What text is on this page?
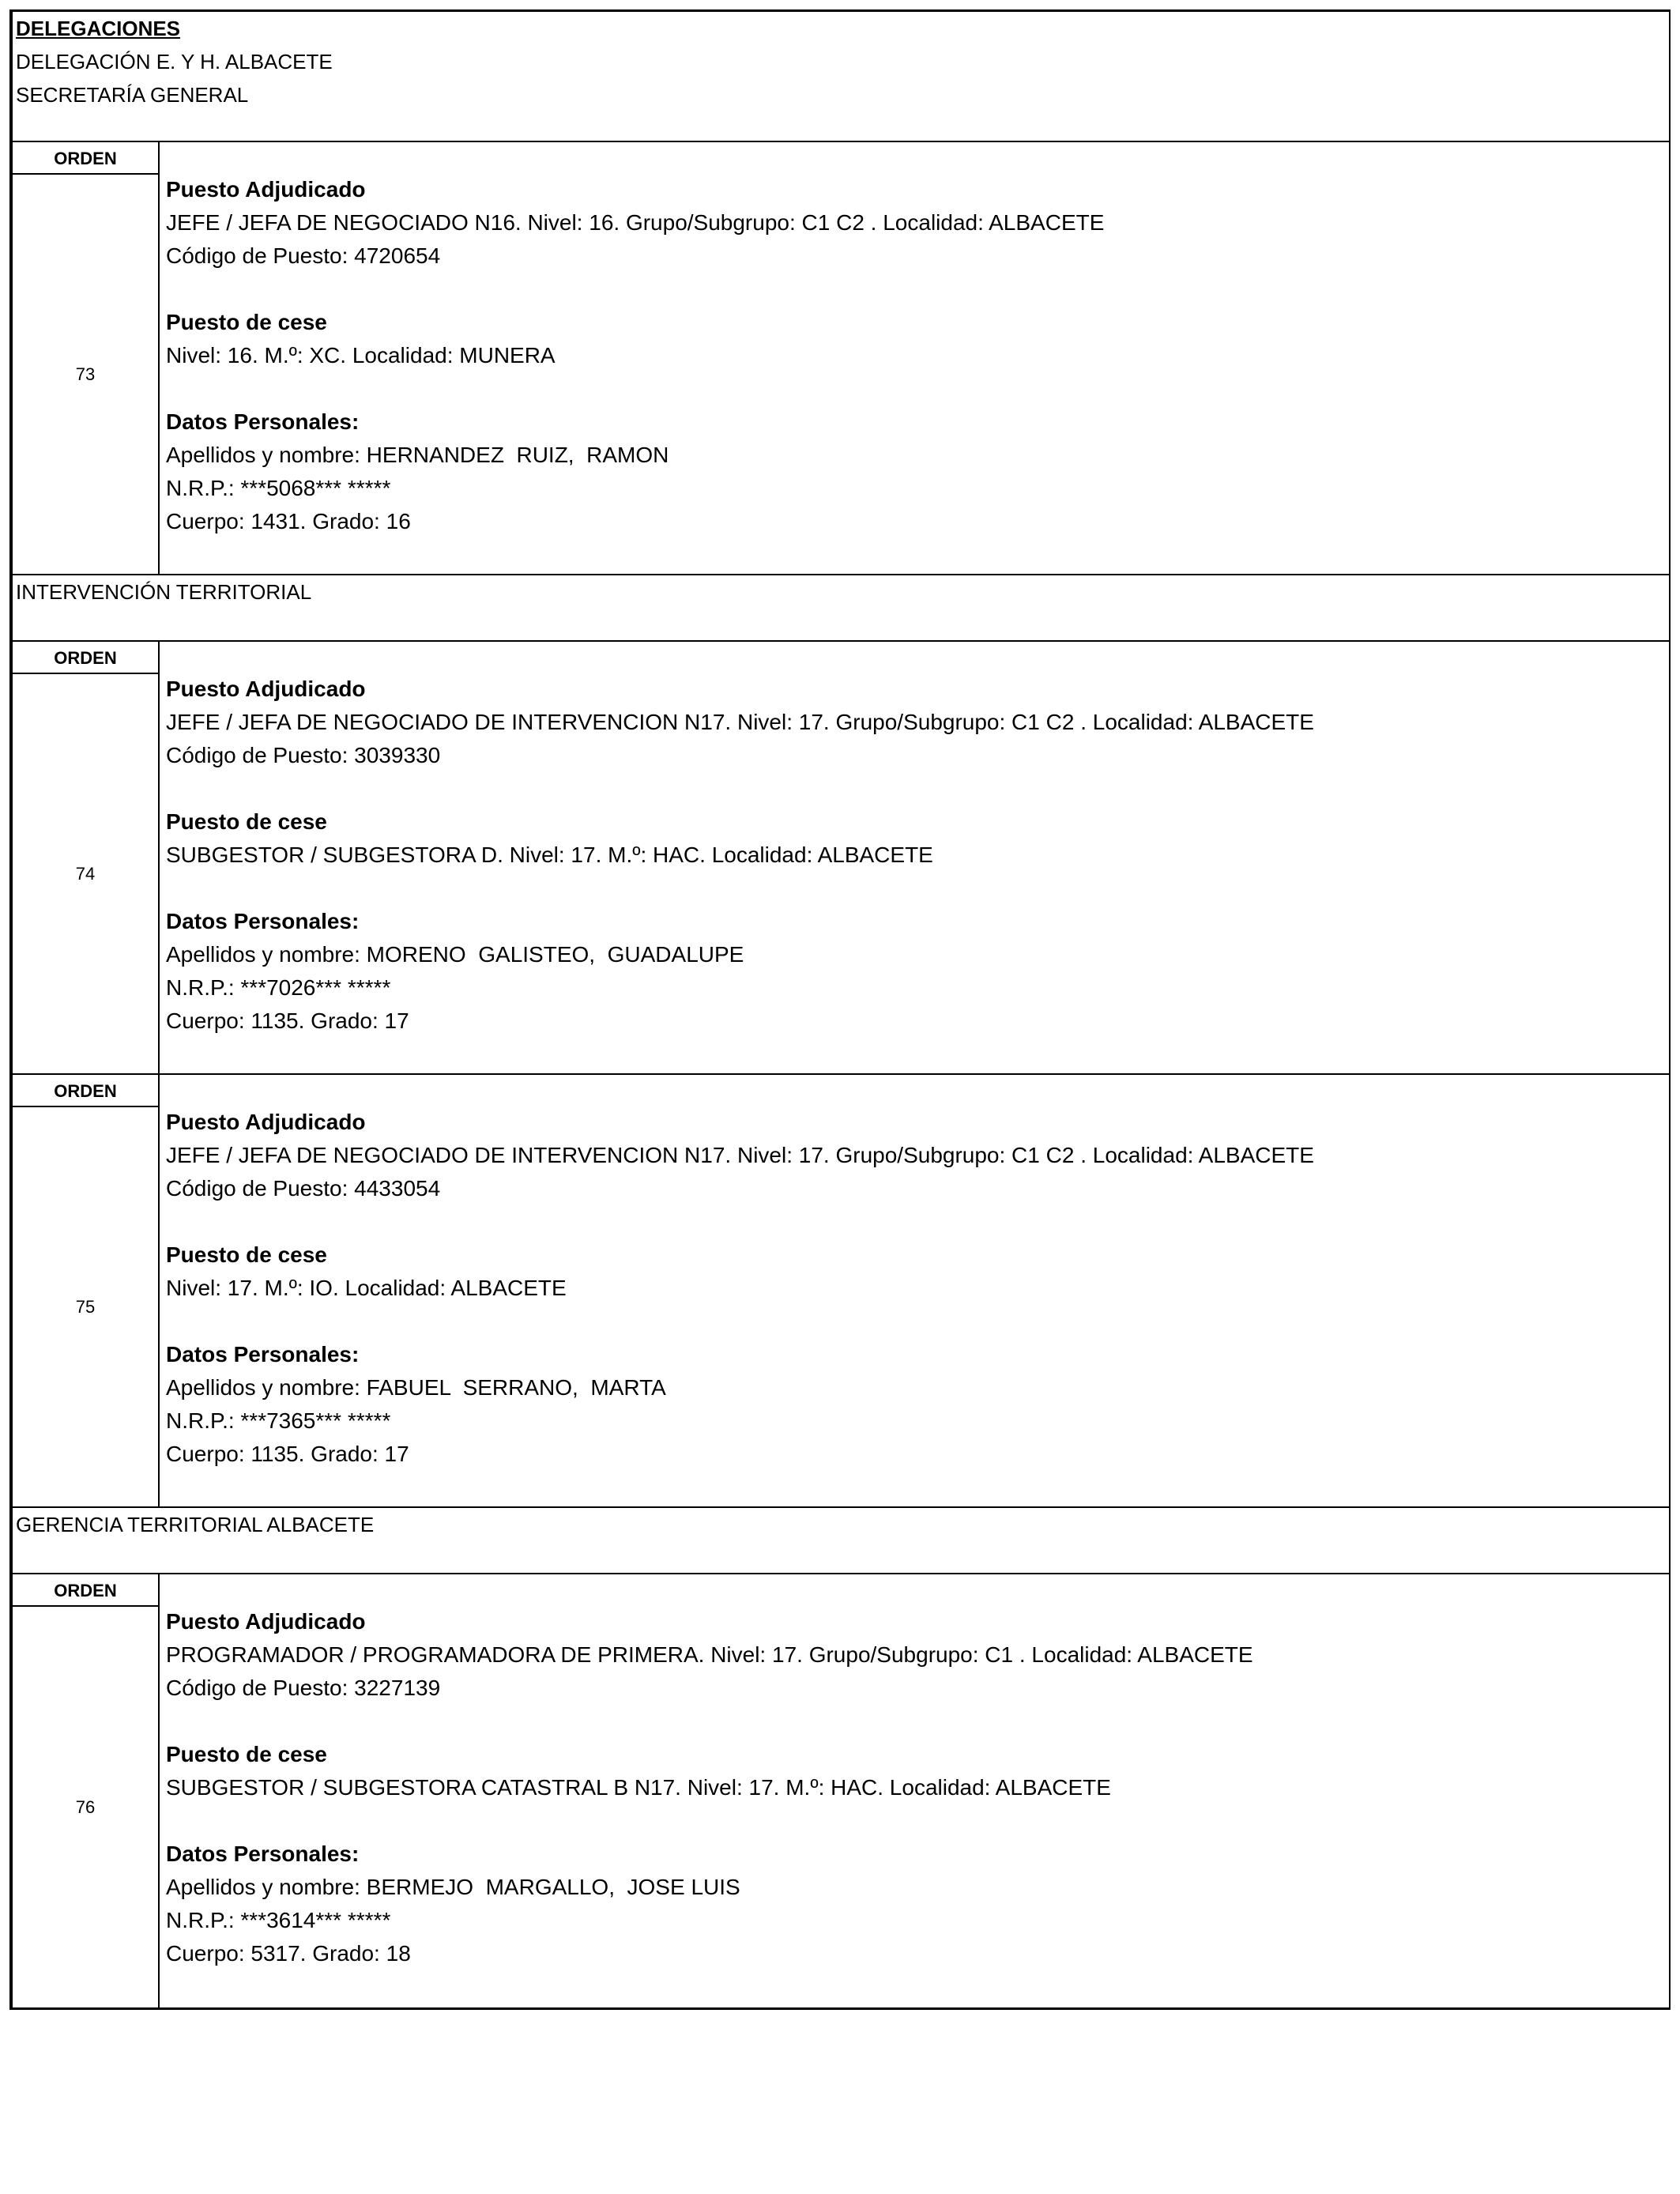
DELEGACIONES
DELEGACIÓN E. Y H. ALBACETE
SECRETARÍA GENERAL
ORDEN
73
Puesto Adjudicado
JEFE / JEFA DE NEGOCIADO N16. Nivel: 16. Grupo/Subgrupo: C1 C2 . Localidad: ALBACETE
Código de Puesto: 4720654
Puesto de cese
Nivel: 16. M.º: XC. Localidad: MUNERA
Datos Personales:
Apellidos y nombre: HERNANDEZ  RUIZ,  RAMON
N.R.P.: ***5068*** *****
Cuerpo: 1431. Grado: 16
INTERVENCIÓN TERRITORIAL
ORDEN
74
Puesto Adjudicado
JEFE / JEFA DE NEGOCIADO DE INTERVENCION N17. Nivel: 17. Grupo/Subgrupo: C1 C2 . Localidad: ALBACETE
Código de Puesto: 3039330
Puesto de cese
SUBGESTOR / SUBGESTORA D. Nivel: 17. M.º: HAC. Localidad: ALBACETE
Datos Personales:
Apellidos y nombre: MORENO  GALISTEO,  GUADALUPE
N.R.P.: ***7026*** *****
Cuerpo: 1135. Grado: 17
ORDEN
75
Puesto Adjudicado
JEFE / JEFA DE NEGOCIADO DE INTERVENCION N17. Nivel: 17. Grupo/Subgrupo: C1 C2 . Localidad: ALBACETE
Código de Puesto: 4433054
Puesto de cese
Nivel: 17. M.º: IO. Localidad: ALBACETE
Datos Personales:
Apellidos y nombre: FABUEL  SERRANO,  MARTA
N.R.P.: ***7365*** *****
Cuerpo: 1135. Grado: 17
GERENCIA TERRITORIAL ALBACETE
ORDEN
76
Puesto Adjudicado
PROGRAMADOR / PROGRAMADORA DE PRIMERA. Nivel: 17. Grupo/Subgrupo: C1 . Localidad: ALBACETE
Código de Puesto: 3227139
Puesto de cese
SUBGESTOR / SUBGESTORA CATASTRAL B N17. Nivel: 17. M.º: HAC. Localidad: ALBACETE
Datos Personales:
Apellidos y nombre: BERMEJO  MARGALLO,  JOSE LUIS
N.R.P.: ***3614*** *****
Cuerpo: 5317. Grado: 18
